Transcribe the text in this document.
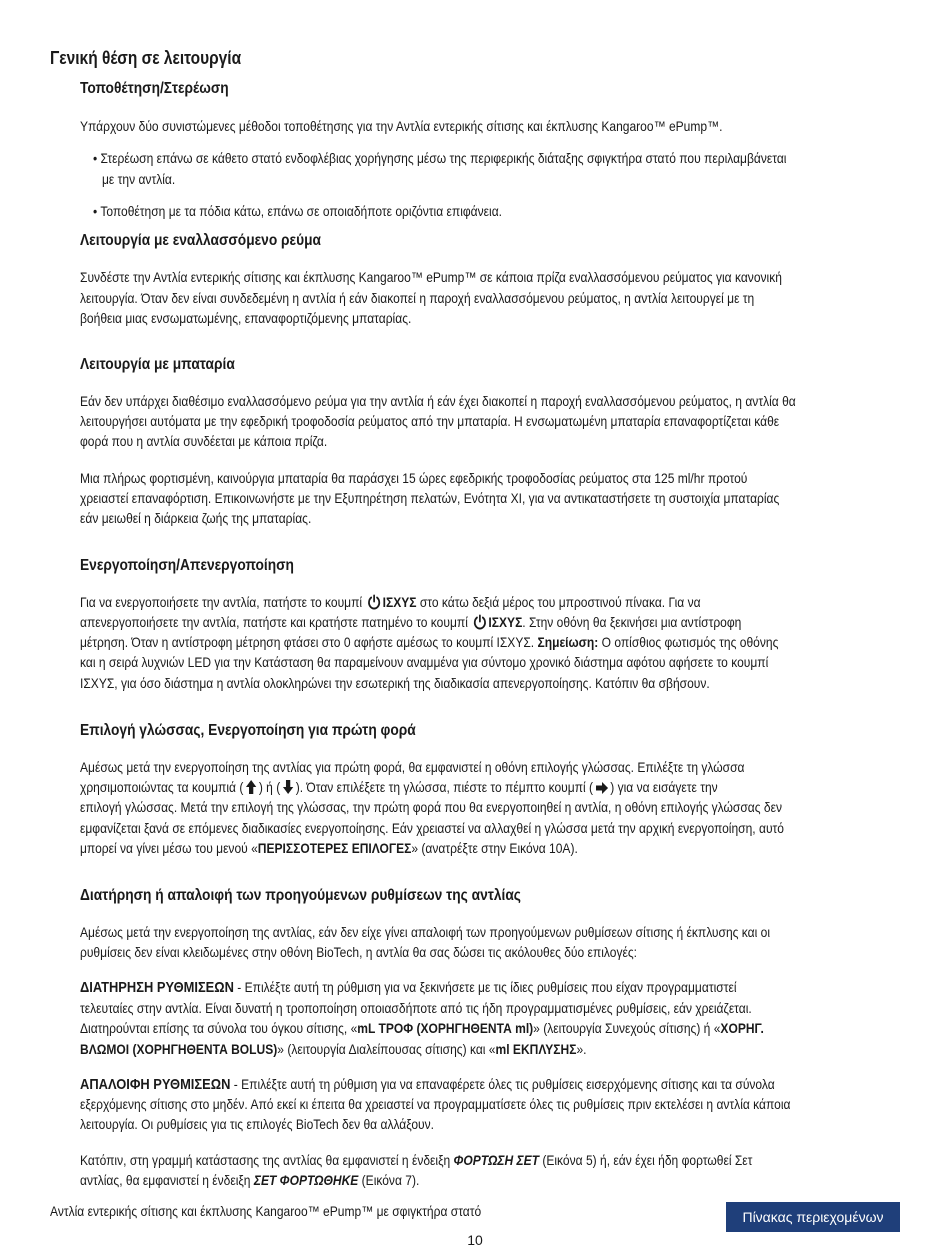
Γενική θέση σε λειτουργία

Τοποθέτηση/Στερέωση

Υπάρχουν δύο συνιστώμενες μέθοδοι τοποθέτησης για την Αντλία εντερικής σίτισης και έκπλυσης Kangaroo™ ePump™.

• Στερέωση επάνω σε κάθετο στατό ενδοφλέβιας χορήγησης μέσω της περιφερικής διάταξης σφιγκτήρα στατό που περιλαμβάνεται

με την αντλία.

• Τοποθέτηση με τα πόδια κάτω, επάνω σε οποιαδήποτε οριζόντια επιφάνεια.

Λειτουργία με εναλλασσόμενο ρεύμα

Συνδέστε την Αντλία εντερικής σίτισης και έκπλυσης Kangaroo™ ePump™ σε κάποια πρίζα εναλλασσόμενου ρεύματος για κανονική

λειτουργία. Όταν δεν είναι συνδεδεμένη η αντλία ή εάν διακοπεί η παροχή εναλλασσόμενου ρεύματος, η αντλία λειτουργεί με τη

βοήθεια μιας ενσωματωμένης, επαναφορτιζόμενης μπαταρίας.

Λειτουργία με μπαταρία

Εάν δεν υπάρχει διαθέσιμο εναλλασσόμενο ρεύμα για την αντλία ή εάν έχει διακοπεί η παροχή εναλλασσόμενου ρεύματος, η αντλία θα

λειτουργήσει αυτόματα με την εφεδρική τροφοδοσία ρεύματος από την μπαταρία. Η ενσωματωμένη μπαταρία επαναφορτίζεται κάθε

φορά που η αντλία συνδέεται με κάποια πρίζα.

Μια πλήρως φορτισμένη, καινούργια μπαταρία θα παράσχει 15 ώρες εφεδρικής τροφοδοσίας ρεύματος στα 125 ml/hr προτού

χρειαστεί επαναφόρτιση. Επικοινωνήστε με την Εξυπηρέτηση πελατών, Ενότητα XI, για να αντικαταστήσετε τη συστοιχία μπαταρίας

εάν μειωθεί η διάρκεια ζωής της μπαταρίας.

Ενεργοποίηση/Απενεργοποίηση

Για να ενεργοποιήσετε την αντλία, πατήστε το κουμπί ΙΣΧΥΣ στο κάτω δεξιά μέρος του μπροστινού πίνακα. Για να

απενεργοποιήσετε την αντλία, πατήστε και κρατήστε πατημένο το κουμπί ΙΣΧΥΣ. Στην οθόνη θα ξεκινήσει μια αντίστροφη

μέτρηση. Όταν η αντίστροφη μέτρηση φτάσει στο 0 αφήστε αμέσως το κουμπί ΙΣΧΥΣ. Σημείωση: Ο οπίσθιος φωτισμός της οθόνης

και η σειρά λυχνιών LED για την Κατάσταση θα παραμείνουν αναμμένα για σύντομο χρονικό διάστημα αφότου αφήσετε το κουμπί

ΙΣΧΥΣ, για όσο διάστημα η αντλία ολοκληρώνει την εσωτερική της διαδικασία απενεργοποίησης. Κατόπιν θα σβήσουν.

Επιλογή γλώσσας, Ενεργοποίηση για πρώτη φορά

Αμέσως μετά την ενεργοποίηση της αντλίας για πρώτη φορά, θα εμφανιστεί η οθόνη επιλογής γλώσσας. Επιλέξτε τη γλώσσα

χρησιμοποιώντας τα κουμπιά ( ) ή ( ). Όταν επιλέξετε τη γλώσσα, πιέστε το πέμπτο κουμπί ( ) για να εισάγετε την

επιλογή γλώσσας. Μετά την επιλογή της γλώσσας, την πρώτη φορά που θα ενεργοποιηθεί η αντλία, η οθόνη επιλογής γλώσσας δεν

εμφανίζεται ξανά σε επόμενες διαδικασίες ενεργοποίησης. Εάν χρειαστεί να αλλαχθεί η γλώσσα μετά την αρχική ενεργοποίηση, αυτό

μπορεί να γίνει μέσω του μενού «ΠΕΡΙΣΣΟΤΕΡΕΣ ΕΠΙΛΟΓΕΣ» (ανατρέξτε στην Εικόνα 10A).

Διατήρηση ή απαλοιφή των προηγούμενων ρυθμίσεων της αντλίας

Αμέσως μετά την ενεργοποίηση της αντλίας, εάν δεν είχε γίνει απαλοιφή των προηγούμενων ρυθμίσεων σίτισης ή έκπλυσης και οι

ρυθμίσεις δεν είναι κλειδωμένες στην οθόνη BioTech, η αντλία θα σας δώσει τις ακόλουθες δύο επιλογές:

ΔΙΑΤΗΡΗΣΗ ΡΥΘΜΙΣΕΩΝ - Επιλέξτε αυτή τη ρύθμιση για να ξεκινήσετε με τις ίδιες ρυθμίσεις που είχαν προγραμματιστεί

τελευταίες στην αντλία. Είναι δυνατή η τροποποίηση οποιασδήποτε από τις ήδη προγραμματισμένες ρυθμίσεις, εάν χρειάζεται.

Διατηρούνται επίσης τα σύνολα του όγκου σίτισης, «mL ΤΡΟΦ (ΧΟΡΗΓΗΘΕΝΤΑ ml)» (λειτουργία Συνεχούς σίτισης) ή «ΧΟΡΗΓ.

ΒΛΩΜΟΙ (ΧΟΡΗΓΗΘΕΝΤΑ BOLUS)» (λειτουργία Διαλείπουσας σίτισης) και «ml ΕΚΠΛΥΣΗΣ».

ΑΠΑΛΟΙΦΗ ΡΥΘΜΙΣΕΩΝ - Επιλέξτε αυτή τη ρύθμιση για να επαναφέρετε όλες τις ρυθμίσεις εισερχόμενης σίτισης και τα σύνολα

εξερχόμενης σίτισης στο μηδέν. Από εκεί κι έπειτα θα χρειαστεί να προγραμματίσετε όλες τις ρυθμίσεις πριν εκτελέσει η αντλία κάποια

λειτουργία. Οι ρυθμίσεις για τις επιλογές BioTech δεν θα αλλάξουν.

Κατόπιν, στη γραμμή κατάστασης της αντλίας θα εμφανιστεί η ένδειξη ΦΟΡΤΩΣΗ ΣΕΤ (Εικόνα 5) ή, εάν έχει ήδη φορτωθεί Σετ

αντλίας, θα εμφανιστεί η ένδειξη ΣΕΤ ΦΟΡΤΩΘΗΚΕ (Εικόνα 7).

Αντλία εντερικής σίτισης και έκπλυσης Kangaroo™ ePump™ με σφιγκτήρα στατό	Πίνακας περιεχομένων
10
